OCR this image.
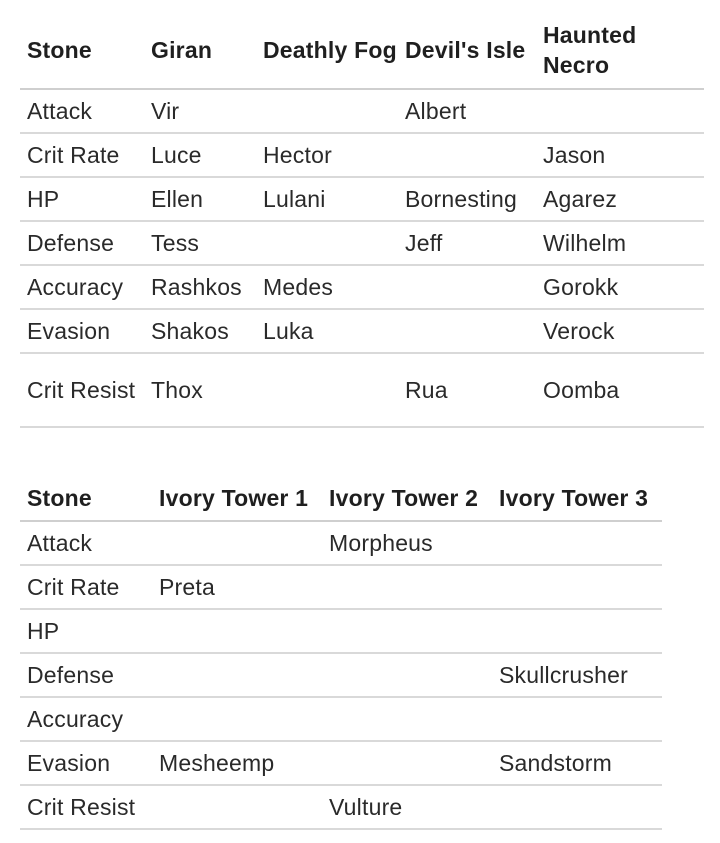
Stone	Giran	Deathly Fog	Devil's Isle	Haunted Necro
Attack	Vir		Albert	
Crit Rate	Luce	Hector		Jason
HP	Ellen	Lulani	Bornesting	Agarez
Defense	Tess		Jeff	Wilhelm
Accuracy	Rashkos	Medes		Gorokk
Evasion	Shakos	Luka		Verock
Crit Resist	Thox		Rua	Oomba
Stone	Ivory Tower 1	Ivory Tower 2	Ivory Tower 3
Attack		Morpheus	
Crit Rate	Preta		
HP			
Defense			Skullcrusher
Accuracy			
Evasion	Mesheemp		Sandstorm
Crit Resist		Vulture	
